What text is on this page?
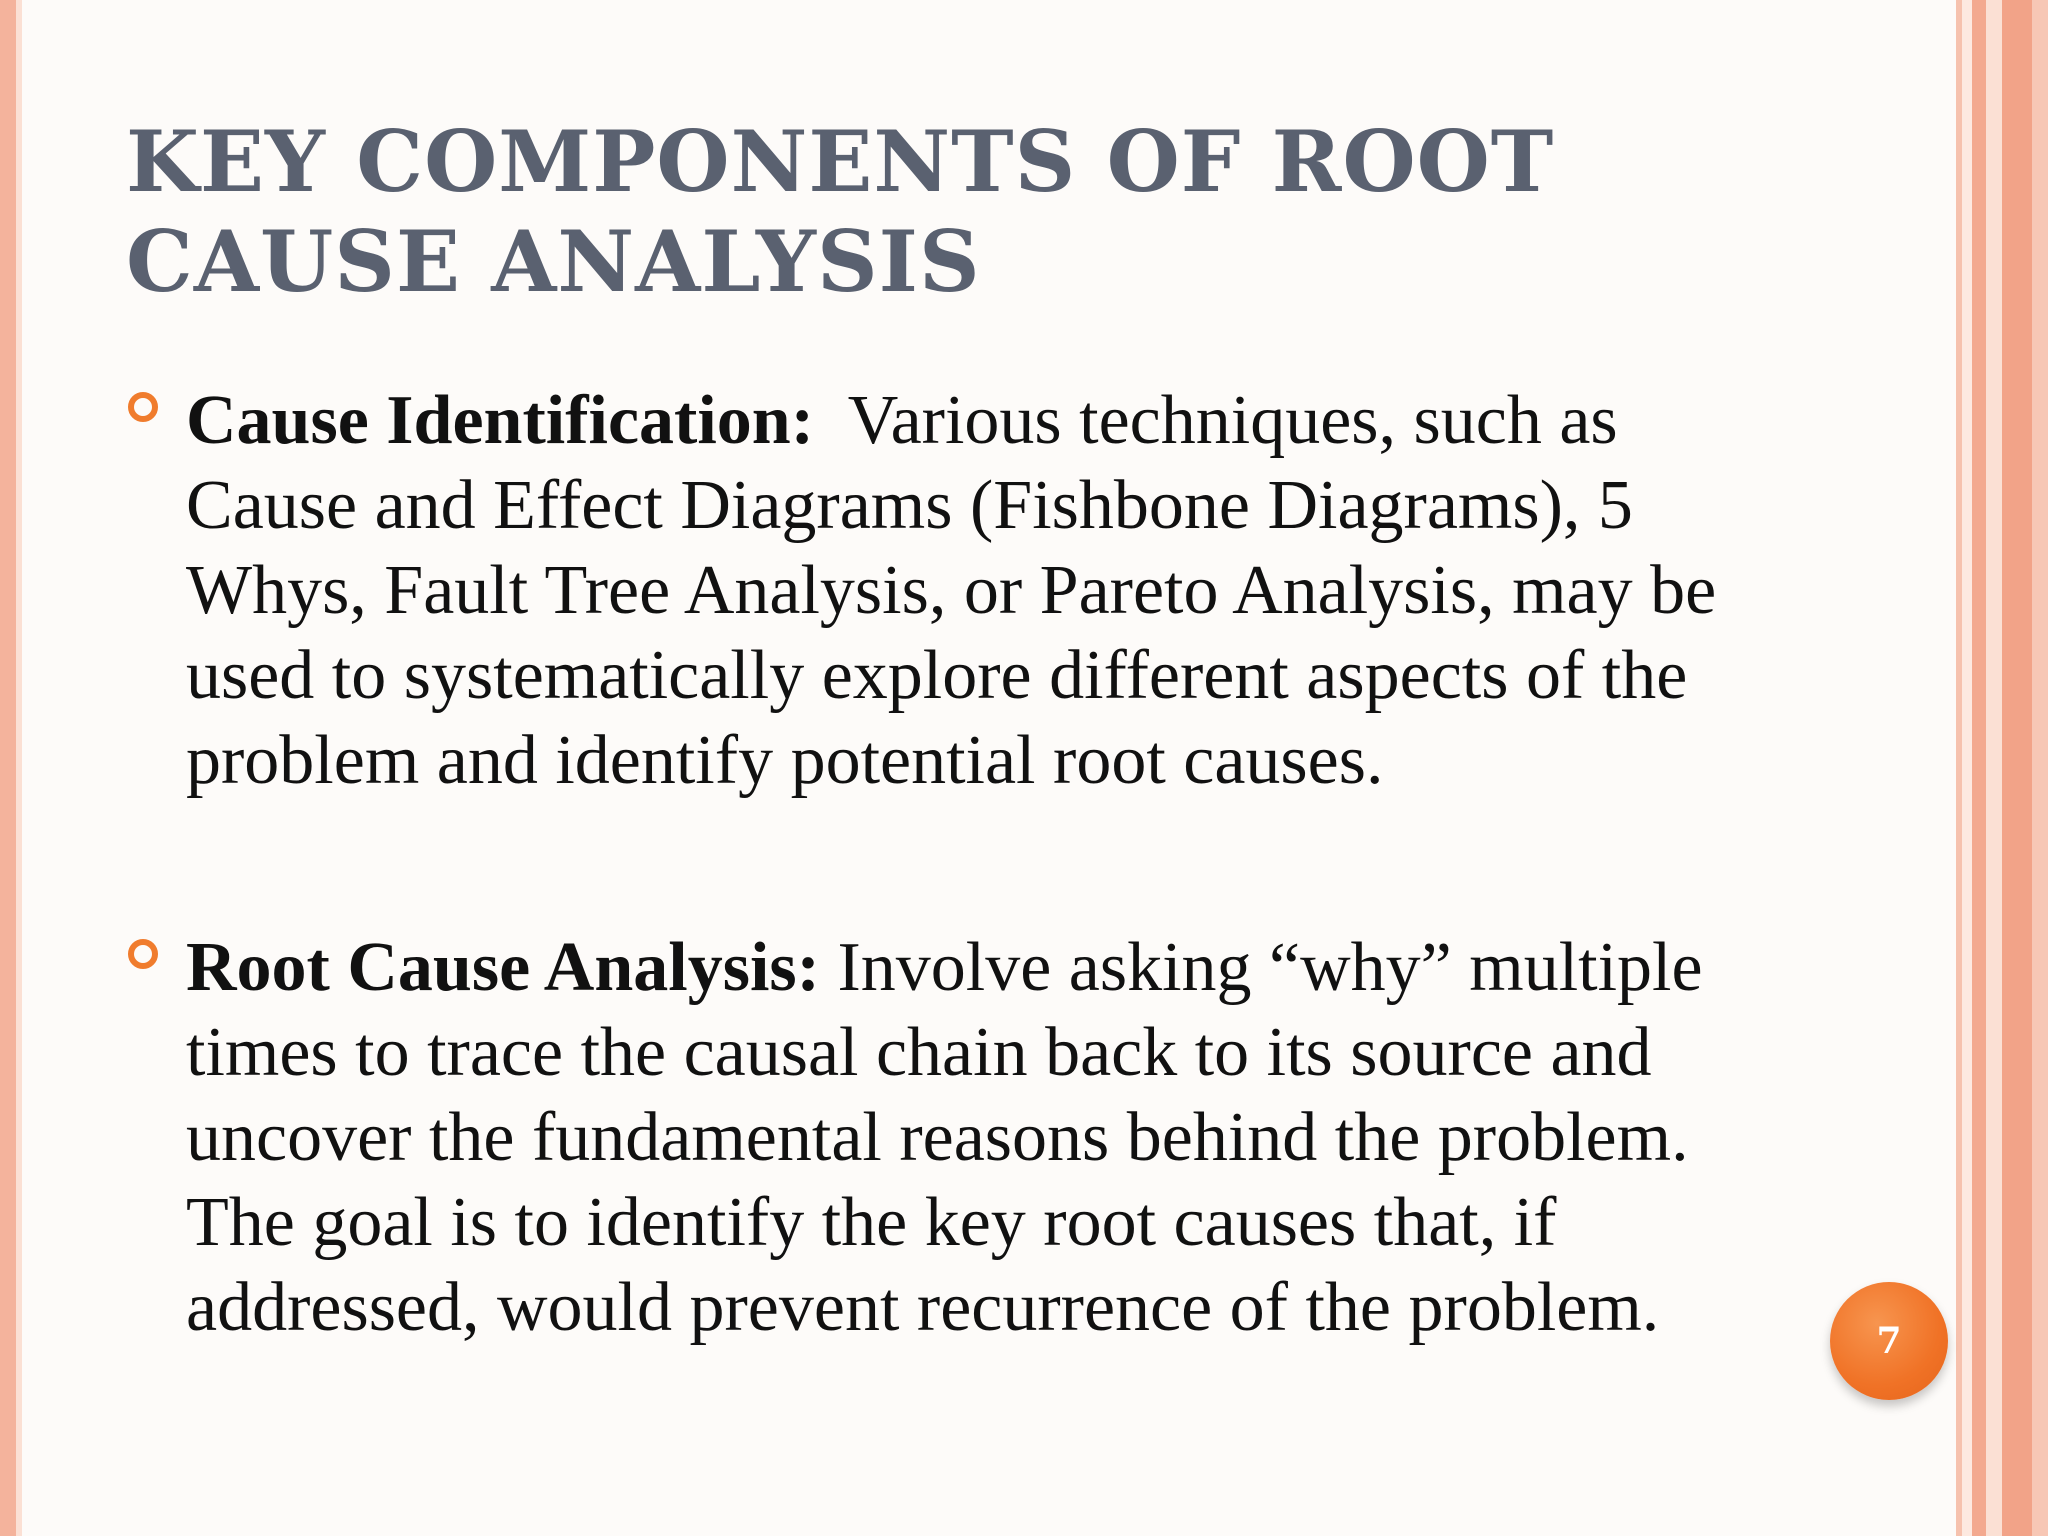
KEY COMPONENTS OF ROOT
CAUSE ANALYSIS
Cause Identification:  Various techniques, such as Cause and Effect Diagrams (Fishbone Diagrams), 5 Whys, Fault Tree Analysis, or Pareto Analysis, may be used to systematically explore different aspects of the problem and identify potential root causes.
Root Cause Analysis: Involve asking “why” multiple times to trace the causal chain back to its source and uncover the fundamental reasons behind the problem. The goal is to identify the key root causes that, if addressed, would prevent recurrence of the problem.	7
